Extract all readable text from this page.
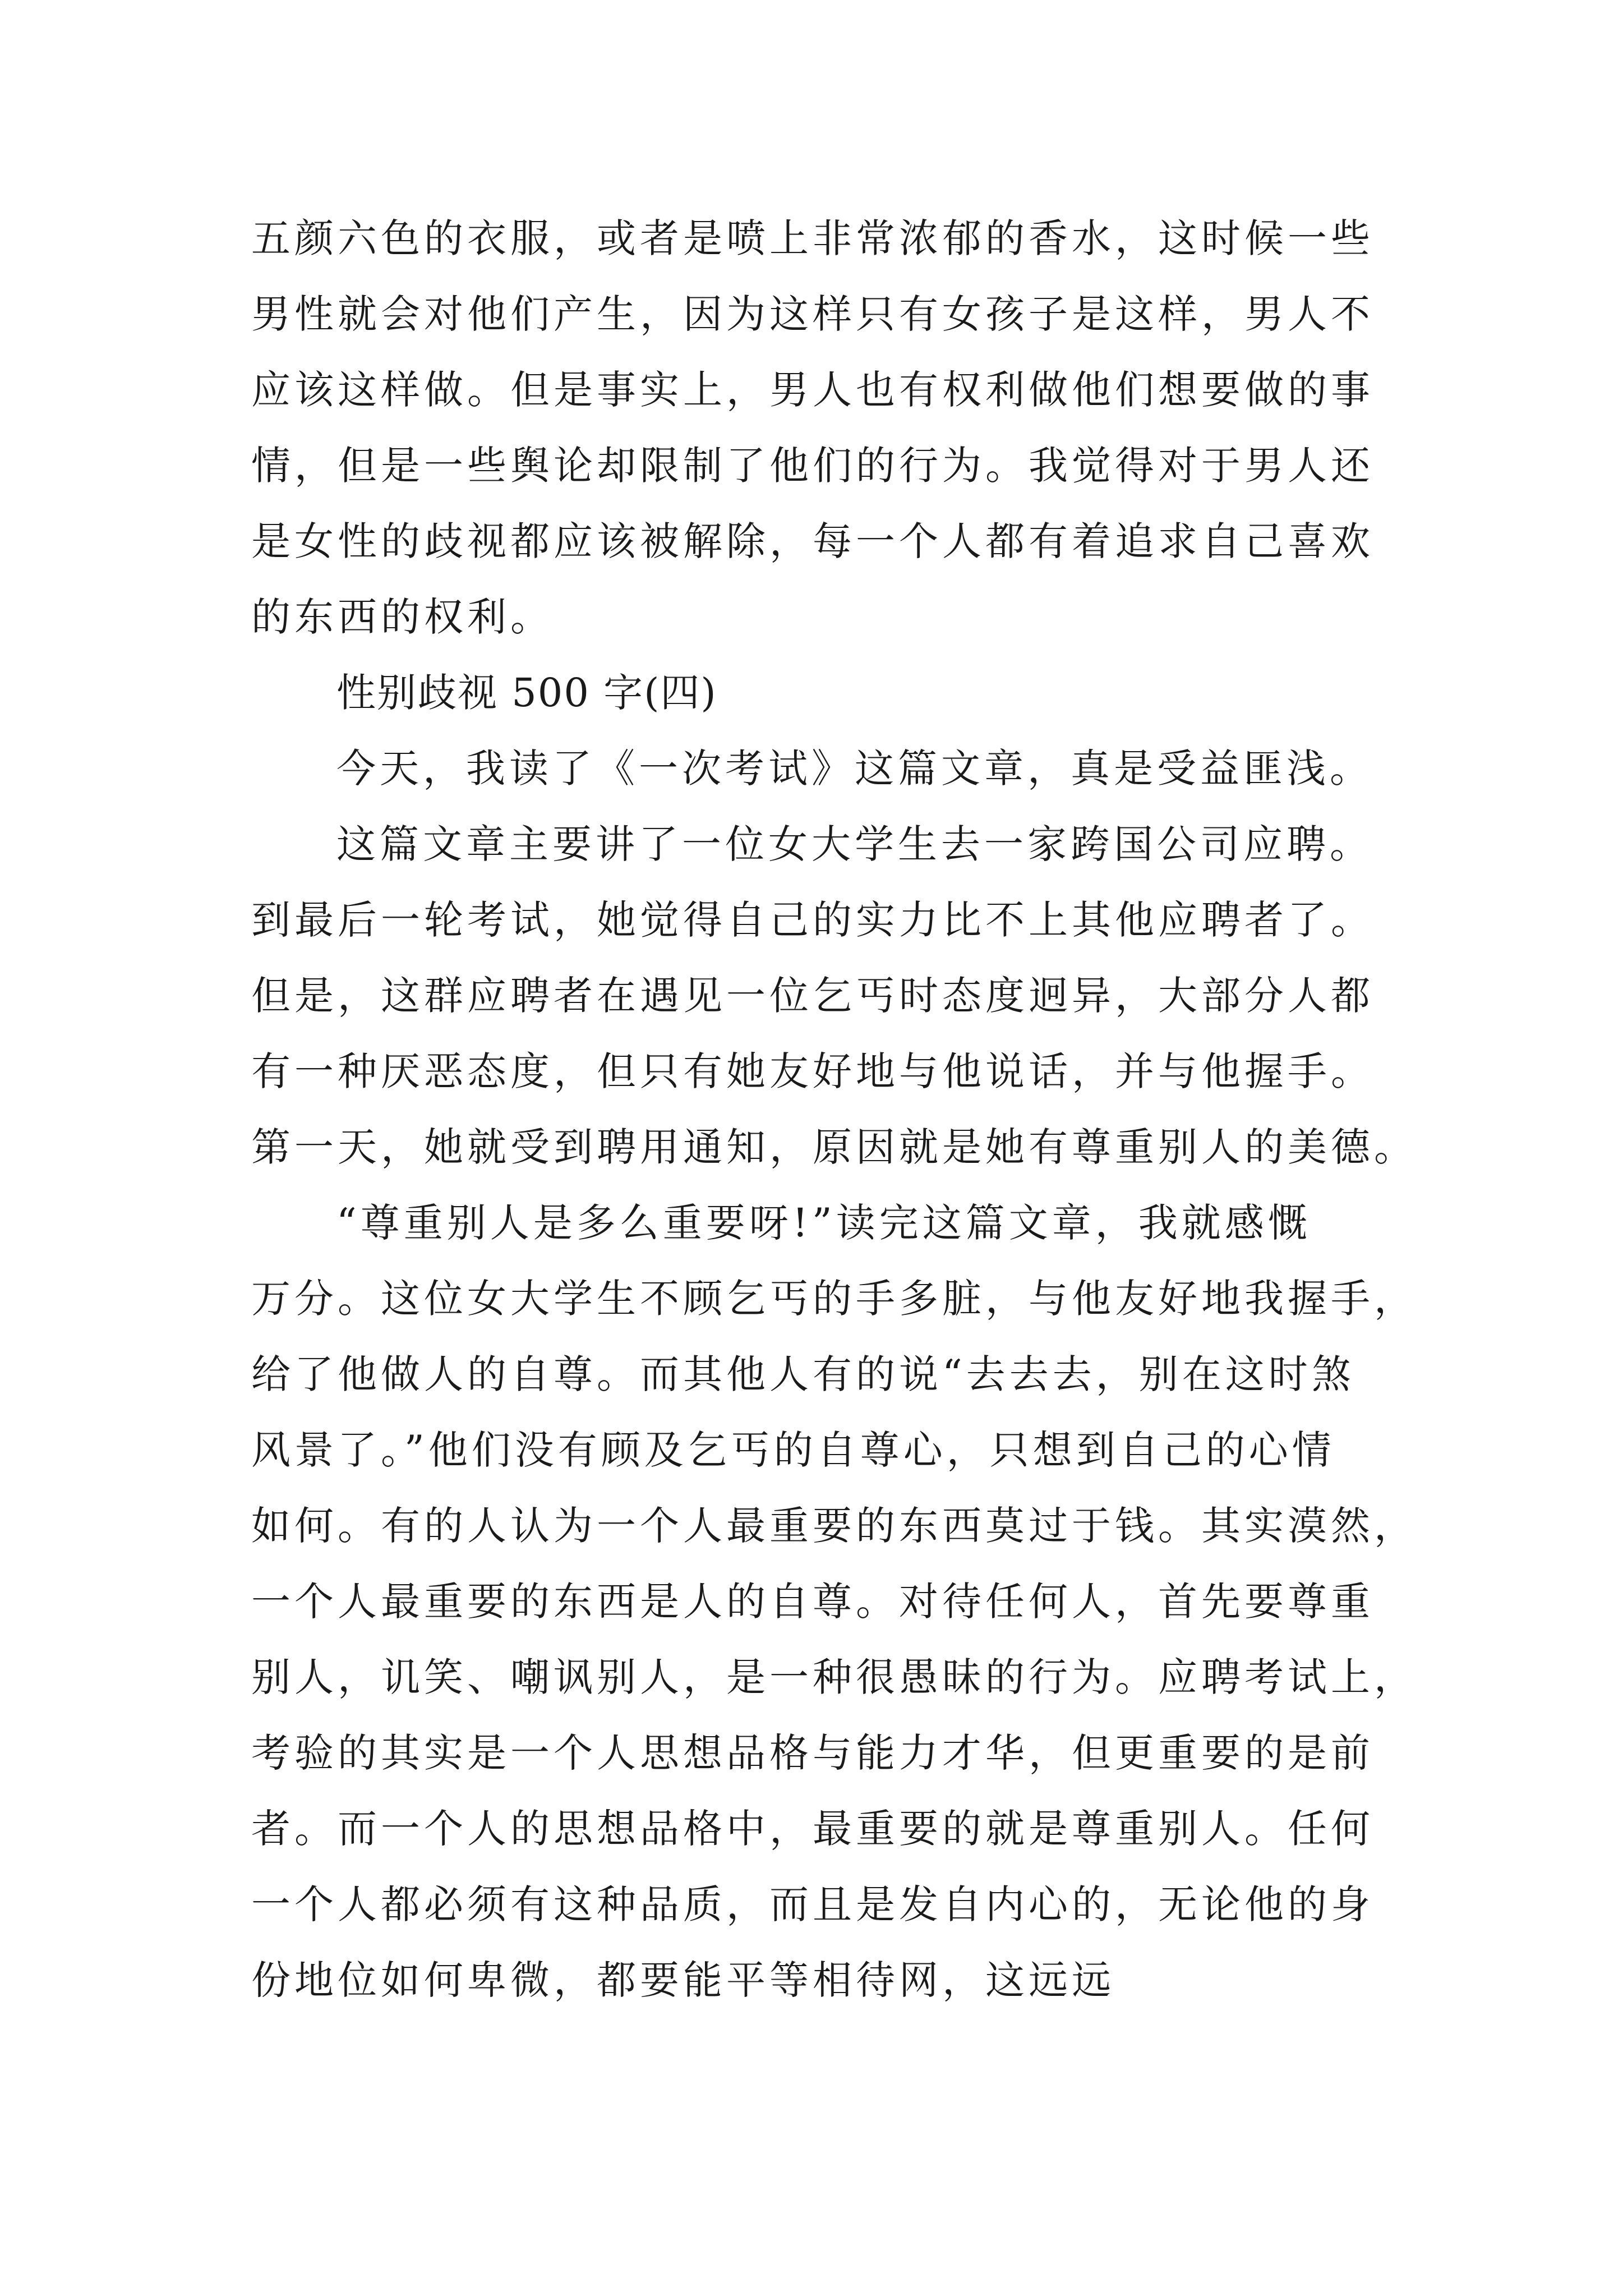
五颜六色的衣服，或者是喷上非常浓郁的香水，这时候一些

男性就会对他们产生，因为这样只有女孩子是这样，男人不

应该这样做。但是事实上，男人也有权利做他们想要做的事

情，但是一些舆论却限制了他们的行为。我觉得对于男人还

是女性的歧视都应该被解除，每一个人都有着追求自己喜欢

的东西的权利。

性别歧视 500 字(四)

今天，我读了《一次考试》这篇文章，真是受益匪浅。

这篇文章主要讲了一位女大学生去一家跨国公司应聘。

到最后一轮考试，她觉得自己的实力比不上其他应聘者了。

但是，这群应聘者在遇见一位乞丐时态度迥异，大部分人都

有一种厌恶态度，但只有她友好地与他说话，并与他握手。

第一天，她就受到聘用通知，原因就是她有尊重别人的美德。

“尊重别人是多么重要呀!”读完这篇文章，我就感慨

万分。这位女大学生不顾乞丐的手多脏，与他友好地我握手，

给了他做人的自尊。而其他人有的说“去去去，别在这时煞

风景了。”他们没有顾及乞丐的自尊心，只想到自己的心情

如何。有的人认为一个人最重要的东西莫过于钱。其实漠然，

一个人最重要的东西是人的自尊。对待任何人，首先要尊重

别人，讥笑、嘲讽别人，是一种很愚昧的行为。应聘考试上，

考验的其实是一个人思想品格与能力才华，但更重要的是前

者。而一个人的思想品格中，最重要的就是尊重别人。任何

一个人都必须有这种品质，而且是发自内心的，无论他的身

份地位如何卑微，都要能平等相待网，这远远
